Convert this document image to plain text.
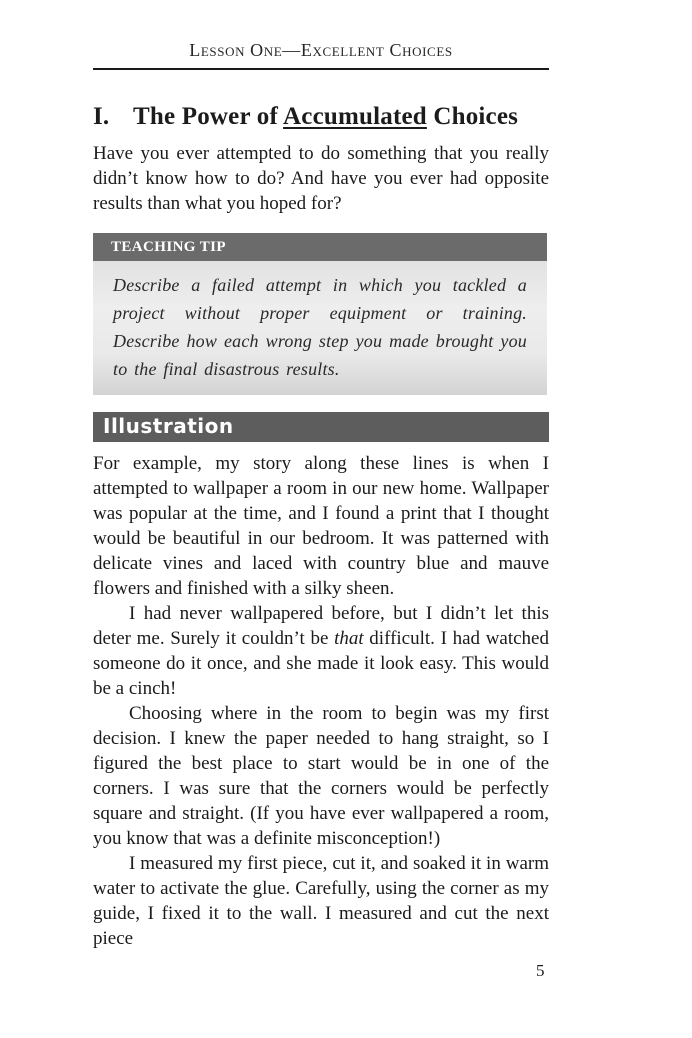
Lesson One—Excellent Choices
I. The Power of Accumulated Choices

Have you ever attempted to do something that you really didn’t know how to do? And have you ever had opposite results than what you hoped for?

TEACHING TIP
Describe a failed attempt in which you tackled a project without proper equipment or training. Describe how each wrong step you made brought you to the final disastrous results.
Illustration

For example, my story along these lines is when I attempted to wallpaper a room in our new home. Wallpaper was popular at the time, and I found a print that I thought would be beautiful in our bedroom. It was patterned with delicate vines and laced with country blue and mauve flowers and finished with a silky sheen.

I had never wallpapered before, but I didn’t let this deter me. Surely it couldn’t be that difficult. I had watched someone do it once, and she made it look easy. This would be a cinch!

Choosing where in the room to begin was my first decision. I knew the paper needed to hang straight, so I figured the best place to start would be in one of the corners. I was sure that the corners would be perfectly square and straight. (If you have ever wallpapered a room, you know that was a definite misconception!)

I measured my first piece, cut it, and soaked it in warm water to activate the glue. Carefully, using the corner as my guide, I fixed it to the wall. I measured and cut the next piece

5
